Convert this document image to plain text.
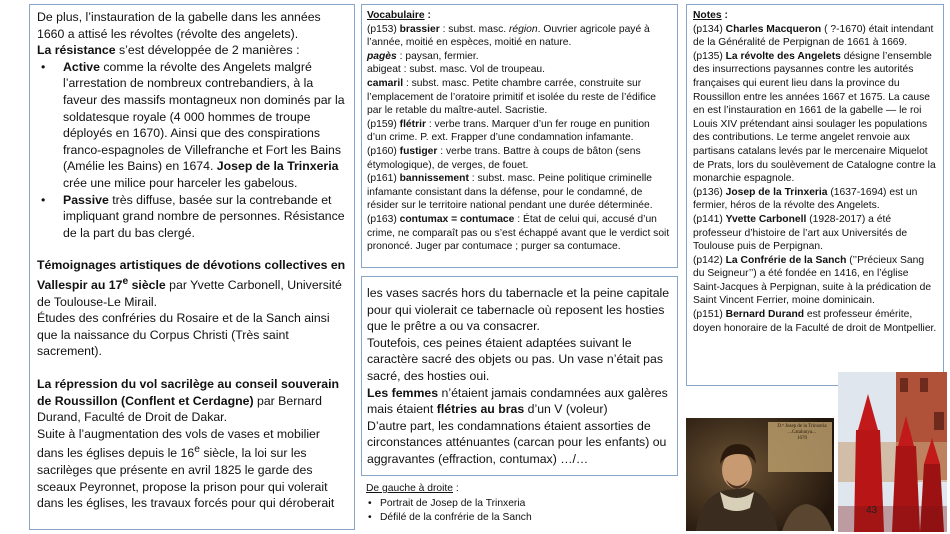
De plus, l’instauration de la gabelle dans les années 1660 a attisé les révoltes (révolte des angelets).

La résistance s’est développée de 2 manières :

• Active comme la révolte des Angelets malgré l’arrestation de nombreux contrebandiers, à la faveur des massifs montagneux non dominés par la soldatesque royale (4 000 hommes de troupe déployés en 1670). Ainsi que des conspirations franco-espagnoles de Villefranche et Fort les Bains (Amélie les Bains) en 1674. Josep de la Trinxeria crée une milice pour harceler les gabelous.

• Passive très diffuse, basée sur la contrebande et impliquant grand nombre de personnes. Résistance de la part du bas clergé.

Témoignages artistiques de dévotions collectives en Vallespir au 17e siècle par Yvette Carbonell, Université de Toulouse-Le Mirail.

Études des confréries du Rosaire et de la Sanch ainsi que la naissance du Corpus Christi (Très saint sacrement).

La répression du vol sacrilège au conseil souverain de Roussillon (Conflent et Cerdagne) par Bernard Durand, Faculté de Droit de Dakar.

Suite à l’augmentation des vols de vases et mobilier dans les églises depuis le 16e siècle, la loi sur les sacrilèges que présente en avril 1825 le garde des sceaux Peyronnet, propose la prison pour qui volerait dans les églises, les travaux forcés pour qui déroberait

Vocabulaire :

(p153) brassier : subst. masc. région. Ouvrier agricole payé à l’année, moitié en espèces, moitié en nature.

pagès : paysan, fermier.

abigeat : subst. masc. Vol de troupeau.

camaril : subst. masc. Petite chambre carrée, construite sur l’emplacement de l’oratoire primitif et isolée du reste de l’édifice par le retable du maître-autel. Sacristie.

(p159) flétrir : verbe trans. Marquer d’un fer rouge en punition d’un crime. P. ext. Frapper d’une condamnation infamante.

(p160) fustiger : verbe trans. Battre à coups de bâton (sens étymologique), de verges, de fouet.

(p161) bannissement : subst. masc. Peine politique criminelle infamante consistant dans la défense, pour le condamné, de résider sur le territoire national pendant une durée déterminée.

(p163) contumax = contumace : État de celui qui, accusé d’un crime, ne comparaît pas ou s’est échappé avant que le verdict soit prononcé. Juger par contumace ; purger sa contumace.

les vases sacrés hors du tabernacle et la peine capitale pour qui violerait ce tabernacle où reposent les hosties que le prêtre a ou va consacrer.

Toutefois, ces peines étaient adaptées suivant le caractère sacré des objets ou pas. Un vase n’était pas sacré, des hosties oui.

Les femmes n’étaient jamais condamnées aux galères mais étaient flétries au bras d’un V (voleur)

D’autre part, les condamnations étaient assorties de circonstances atténuantes (carcan pour les enfants) ou aggravantes (effraction, contumax) …/…

De gauche à droite :

• Portrait de Josep de la Trinxeria
• Défilé de la confrérie de la Sanch

Notes :

(p134) Charles Macqueron ( ?-1670) était intendant de la Généralité de Perpignan de 1661 à 1669.

(p135) La révolte des Angelets désigne l’ensemble des insurrections paysannes contre les autorités françaises qui eurent lieu dans la province du Roussillon entre les années 1667 et 1675. La cause en est l’instauration en 1661 de la gabelle — le roi Louis XIV prétendant ainsi soulager les populations des contributions. Le terme angelet renvoie aux partisans catalans levés par le mercenaire Miquelot de Prats, lors du soulèvement de Catalogne contre la monarchie espagnole.

(p136) Josep de la Trinxeria (1637-1694) est un fermier, héros de la révolte des Angelets.

(p141) Yvette Carbonell (1928-2017) a été professeur d’histoire de l’art aux Universités de Toulouse puis de Perpignan.

(p142) La Confrérie de la Sanch (’’Précieux Sang du Seigneur’’) a été fondée en 1416, en l’église Saint-Jacques à Perpignan, suite à la prédication de Saint Vincent Ferrier, moine dominicain.

(p151) Bernard Durand est professeur émérite, doyen honoraire de la Faculté de droit de Montpellier.

D.ⁿ Josep de la Trinxeria
...Catalunya...
1670
43
